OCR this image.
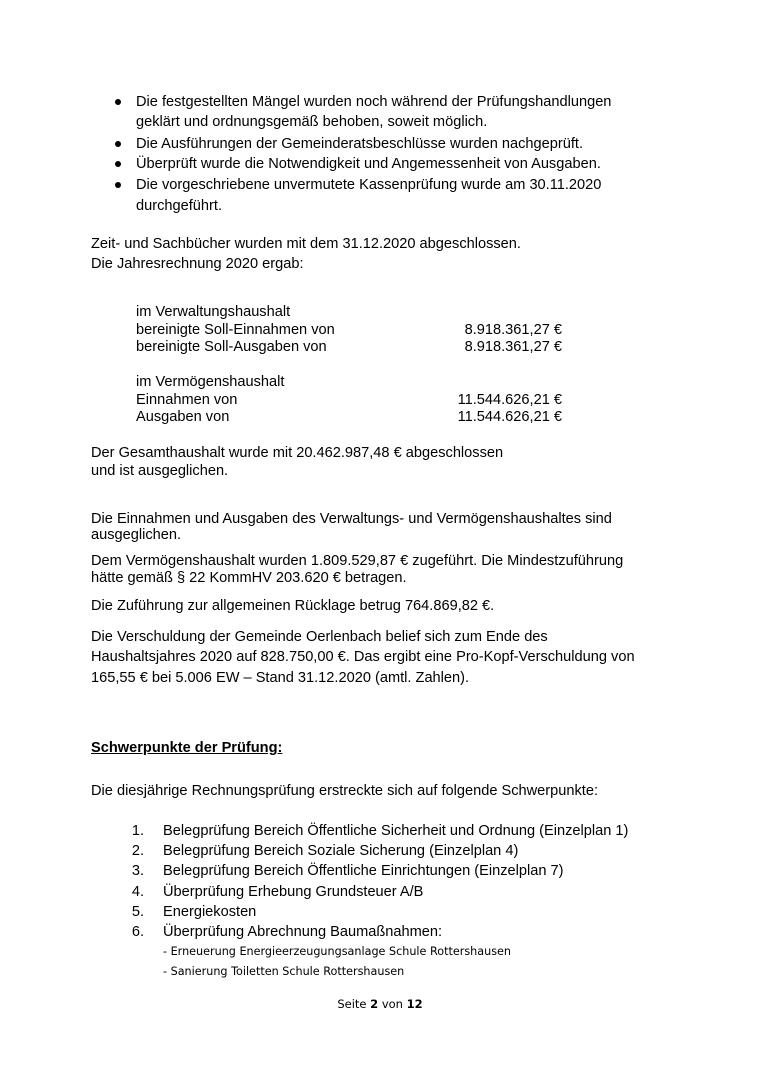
Die festgestellten Mängel wurden noch während der Prüfungshandlungen
geklärt und ordnungsgemäß behoben, soweit möglich.
Die Ausführungen der Gemeinderatsbeschlüsse wurden nachgeprüft.
Überprüft wurde die Notwendigkeit und Angemessenheit von Ausgaben.
Die vorgeschriebene unvermutete Kassenprüfung wurde am 30.11.2020
durchgeführt.
Zeit- und Sachbücher wurden mit dem 31.12.2020 abgeschlossen.
Die Jahresrechnung 2020 ergab:
im Verwaltungshaushalt
bereinigte Soll-Einnahmen von	8.918.361,27 €
bereinigte Soll-Ausgaben von	8.918.361,27 €
im Vermögenshaushalt
Einnahmen von	11.544.626,21 €
Ausgaben von	11.544.626,21 €
Der Gesamthaushalt wurde mit 20.462.987,48 € abgeschlossen
und ist ausgeglichen.
Die Einnahmen und Ausgaben des Verwaltungs- und Vermögenshaushaltes sind
ausgeglichen.
Dem Vermögenshaushalt wurden 1.809.529,87 € zugeführt. Die Mindestzuführung
hätte gemäß § 22 KommHV 203.620 € betragen.
Die Zuführung zur allgemeinen Rücklage betrug 764.869,82 €.
Die Verschuldung der Gemeinde Oerlenbach belief sich zum Ende des
Haushaltsjahres 2020 auf 828.750,00 €. Das ergibt eine Pro-Kopf-Verschuldung von
165,55 € bei 5.006 EW – Stand 31.12.2020 (amtl. Zahlen).
Schwerpunkte der Prüfung:
Die diesjährige Rechnungsprüfung erstreckte sich auf folgende Schwerpunkte:
1. Belegprüfung Bereich Öffentliche Sicherheit und Ordnung (Einzelplan 1)
2. Belegprüfung Bereich Soziale Sicherung (Einzelplan 4)
3. Belegprüfung Bereich Öffentliche Einrichtungen (Einzelplan 7)
4. Überprüfung Erhebung Grundsteuer A/B
5. Energiekosten
6. Überprüfung Abrechnung Baumaßnahmen:
- Erneuerung Energieerzeugungsanlage Schule Rottershausen
- Sanierung Toiletten Schule Rottershausen
Seite 2 von 12
